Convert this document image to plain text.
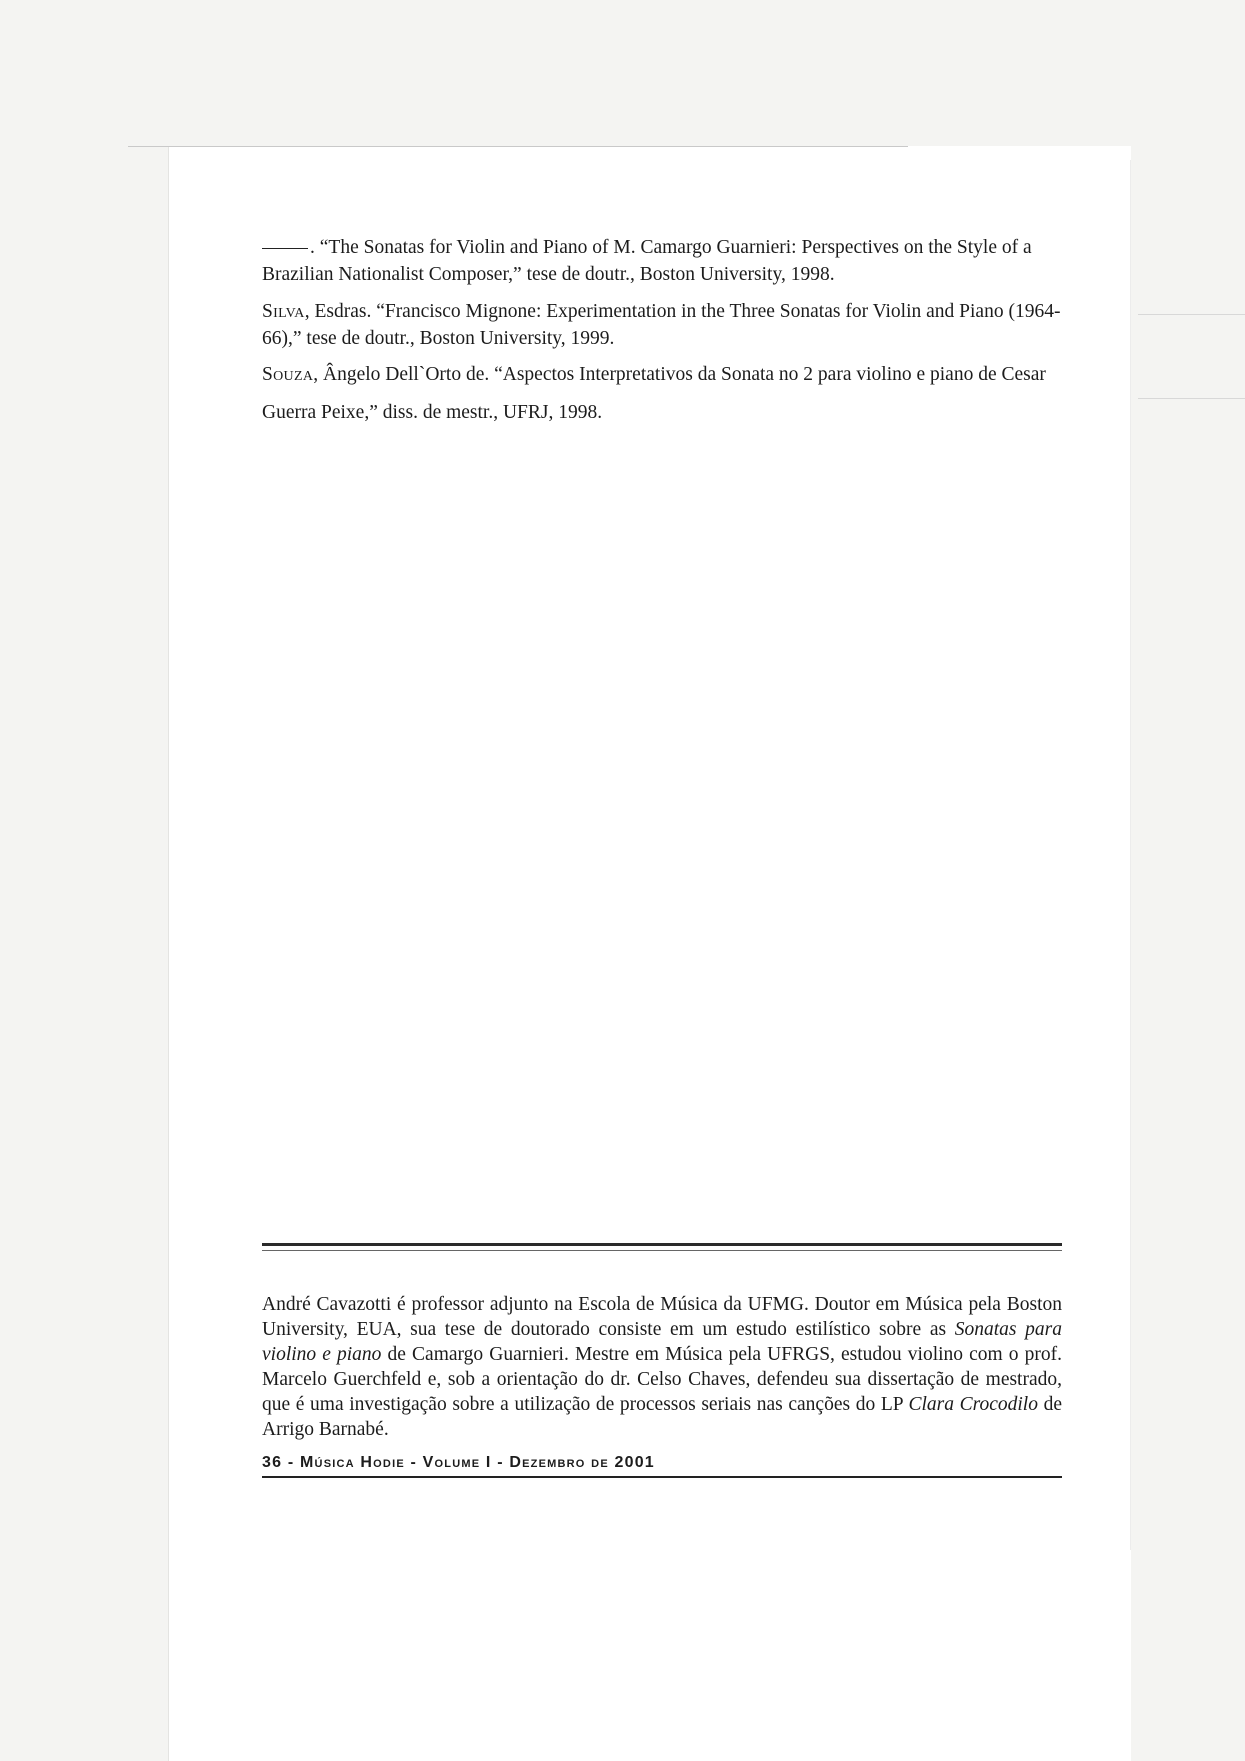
. “The Sonatas for Violin and Piano of M. Camargo Guarnieri: Perspectives on the Style of a Brazilian Nationalist Composer,” tese de doutr., Boston University, 1998.

Silva, Esdras. “Francisco Mignone: Experimentation in the Three Sonatas for Violin and Piano (1964-66),” tese de doutr., Boston University, 1999.

Souza, Ângelo Dell`Orto de. “Aspectos Interpretativos da Sonata no 2 para violino e piano de Cesar Guerra Peixe,” diss. de mestr., UFRJ, 1998.

André Cavazotti é professor adjunto na Escola de Música da UFMG. Doutor em Música pela Boston University, EUA, sua tese de doutorado consiste em um estudo estilístico sobre as Sonatas para violino e piano de Camargo Guarnieri. Mestre em Música pela UFRGS, estudou violino com o prof. Marcelo Guerchfeld e, sob a orientação do dr. Celso Chaves, defendeu sua dissertação de mestrado, que é uma investigação sobre a utilização de processos seriais nas canções do LP Clara Crocodilo de Arrigo Barnabé.

36 - Música Hodie - Volume I - Dezembro de 2001
